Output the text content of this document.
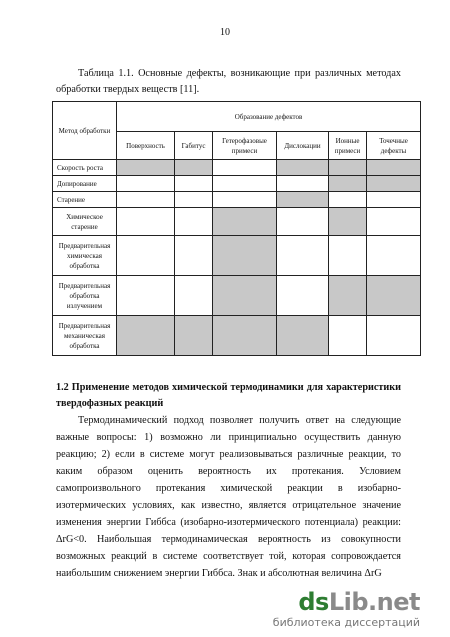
10
Таблица 1.1. Основные дефекты, возникающие при различных методах обработки твердых веществ [11].
Метод обработки	Образование дефектов					
	Поверхность	Габитус	Гетерофазовые примеси	Дислокации	Ионные примеси	Точечные дефекты
Скорость роста						
Допирование						
Старение						
Химическое старение						
Предварительная химическая обработка						
Предварительная обработка излучением						
Предварительная механическая обработка						
1.2 Применение методов химической термодинамики для характеристики твердофазных реакций
Термодинамический подход позволяет получить ответ на следующие важные вопросы: 1) возможно ли принципиально осуществить данную реакцию; 2) если в системе могут реализовываться различные реакции, то каким образом оценить вероятность их протекания. Условием самопроизвольного протекания химической реакции в изобарно-изотермических условиях, как известно, является отрицательное значение изменения энергии Гиббса (изобарно-изотермического потенциала) реакции: ΔrG<0. Наибольшая термодинамическая вероятность из совокупности возможных реакций в системе соответствует той, которая сопровождается наибольшим снижением энергии Гиббса. Знак и абсолютная величина ΔrG
dsLib.net
библиотека диссертаций
